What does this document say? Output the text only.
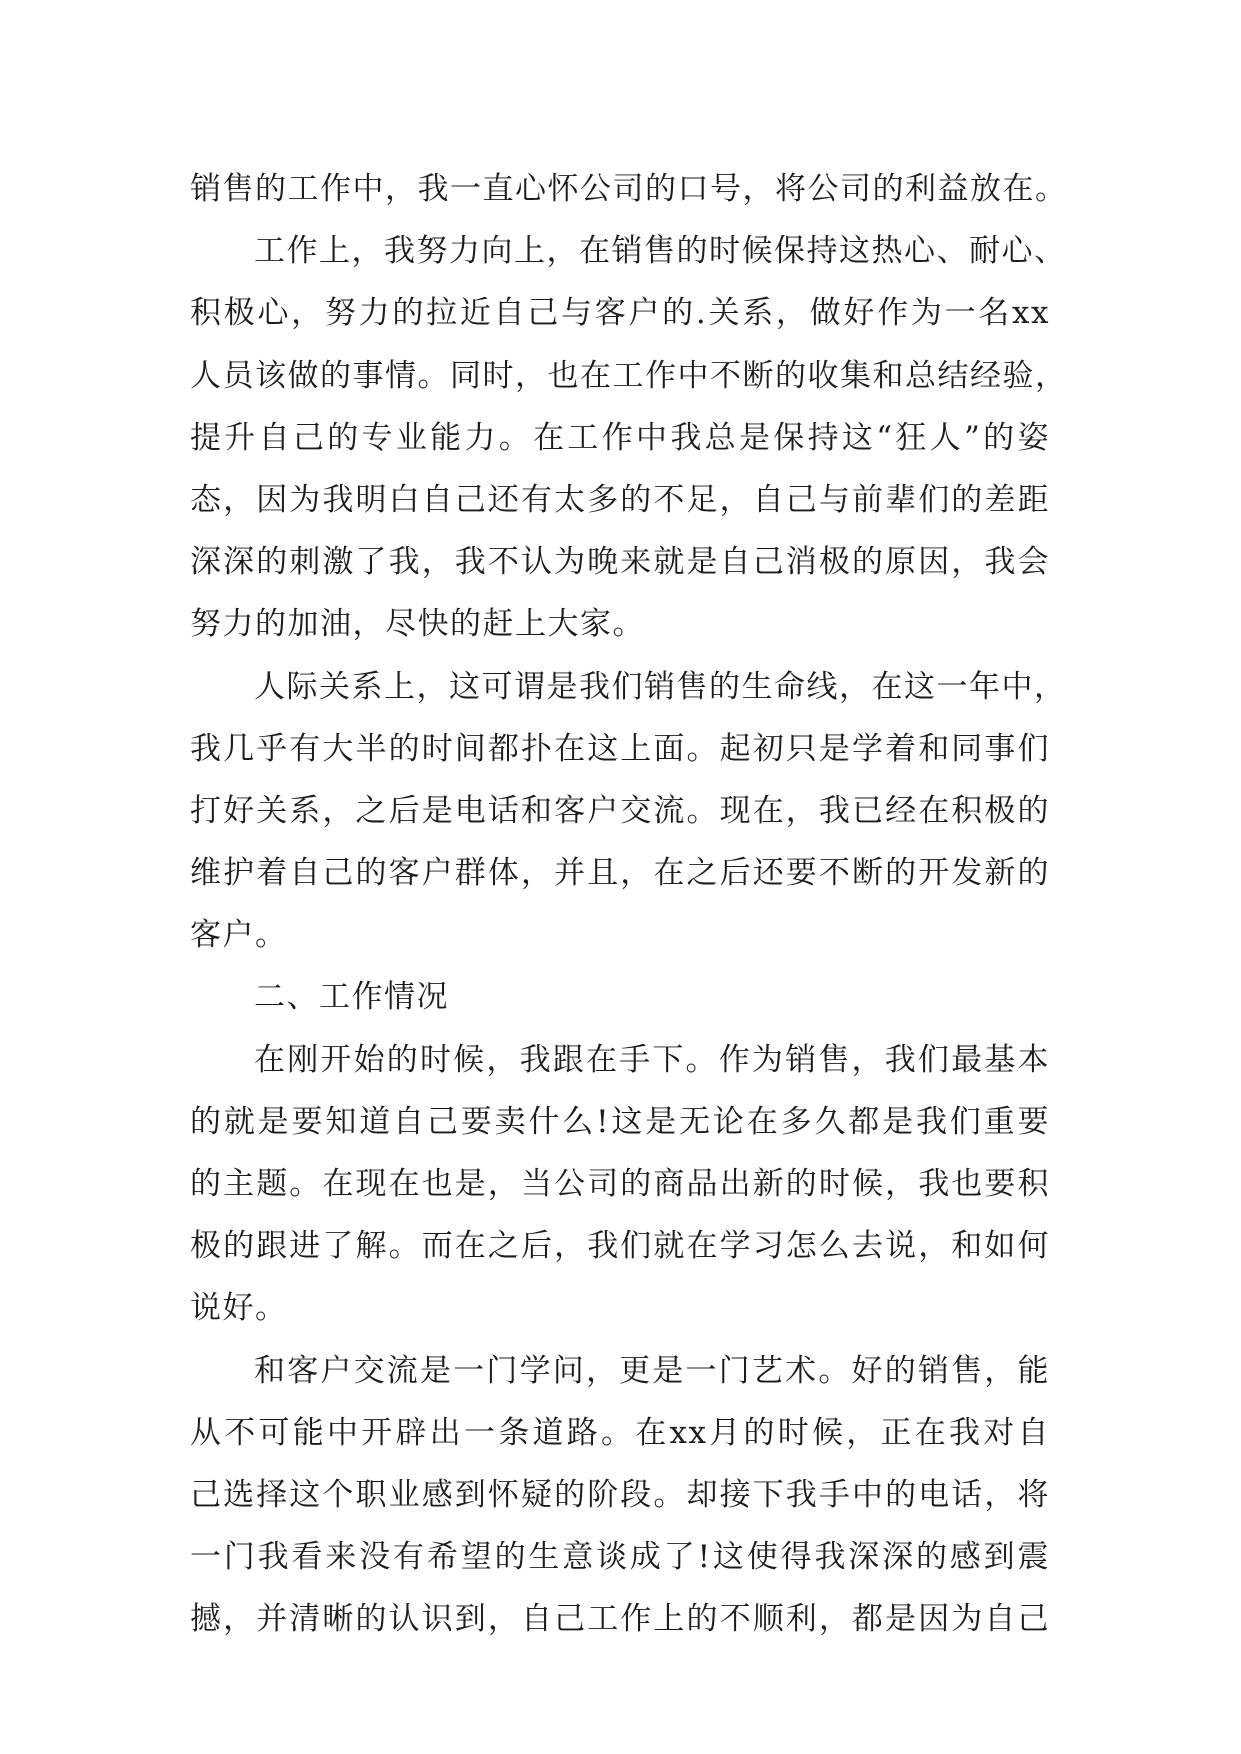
销售的工作中，我一直心怀公司的口号，将公司的利益放在。
工作上，我努力向上，在销售的时候保持这热心、耐心、
积极心，努力的拉近自己与客户的.关系，做好作为一名xx
人员该做的事情。同时，也在工作中不断的收集和总结经验，
提升自己的专业能力。在工作中我总是保持这“狂人”的姿
态，因为我明白自己还有太多的不足，自己与前辈们的差距
深深的刺激了我，我不认为晚来就是自己消极的原因，我会
努力的加油，尽快的赶上大家。
人际关系上，这可谓是我们销售的生命线，在这一年中，
我几乎有大半的时间都扑在这上面。起初只是学着和同事们
打好关系，之后是电话和客户交流。现在，我已经在积极的
维护着自己的客户群体，并且，在之后还要不断的开发新的
客户。
二、工作情况
在刚开始的时候，我跟在手下。作为销售，我们最基本
的就是要知道自己要卖什么!这是无论在多久都是我们重要
的主题。在现在也是，当公司的商品出新的时候，我也要积
极的跟进了解。而在之后，我们就在学习怎么去说，和如何
说好。
和客户交流是一门学问，更是一门艺术。好的销售，能
从不可能中开辟出一条道路。在xx月的时候，正在我对自
己选择这个职业感到怀疑的阶段。却接下我手中的电话，将
一门我看来没有希望的生意谈成了!这使得我深深的感到震
撼，并清晰的认识到，自己工作上的不顺利，都是因为自己
